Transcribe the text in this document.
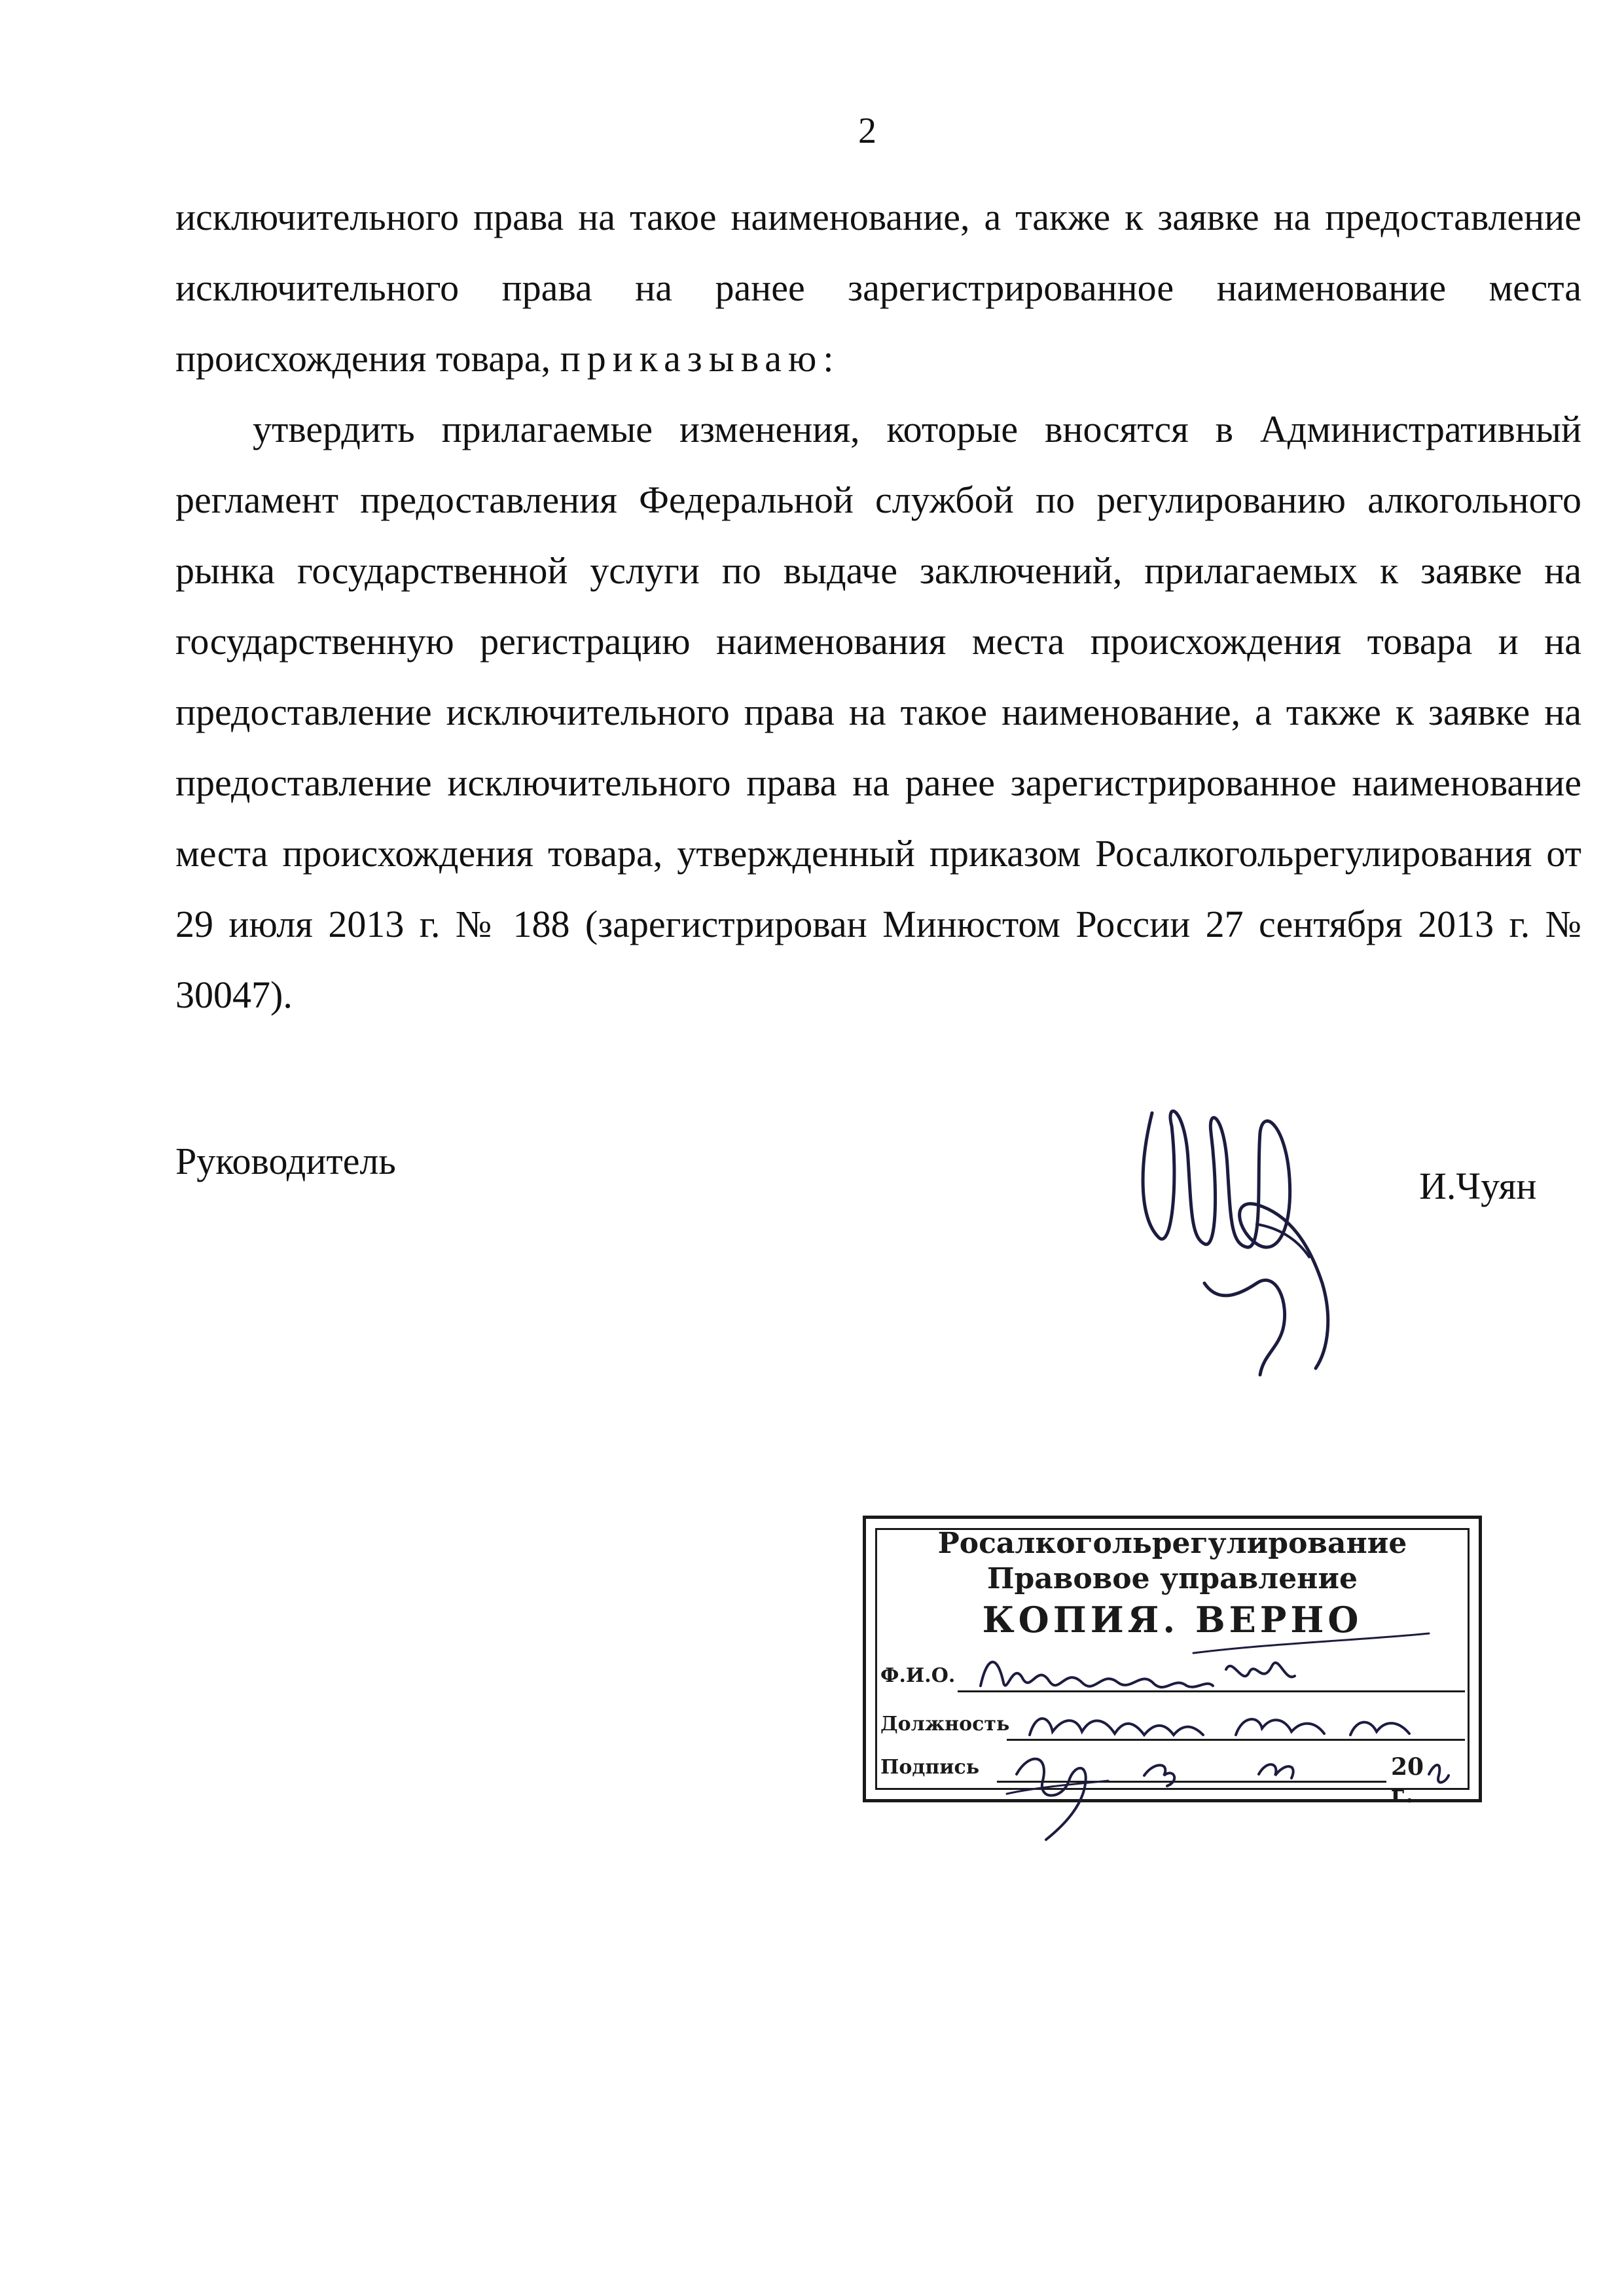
2

исключительного права на такое наименование, а также к заявке на предоставление исключительного права на ранее зарегистрированное наименование места происхождения товара, приказываю:

утвердить прилагаемые изменения, которые вносятся в Административный регламент предоставления Федеральной службой по регулированию алкогольного рынка государственной услуги по выдаче заключений, прилагаемых к заявке на государственную регистрацию наименования места происхождения товара и на предоставление исключительного права на такое наименование, а также к заявке на предоставление исключительного права на ранее зарегистрированное наименование места происхождения товара, утвержденный приказом Росалкогольрегулирования от 29 июля 2013 г. № 188 (зарегистрирован Минюстом России 27 сентября 2013 г. № 30047).

Руководитель
И.Чуян
Росалкогольрегулирование
Правовое управление
КОПИЯ. ВЕРНО
Ф.И.О.
Должность
Подпись	20г.
